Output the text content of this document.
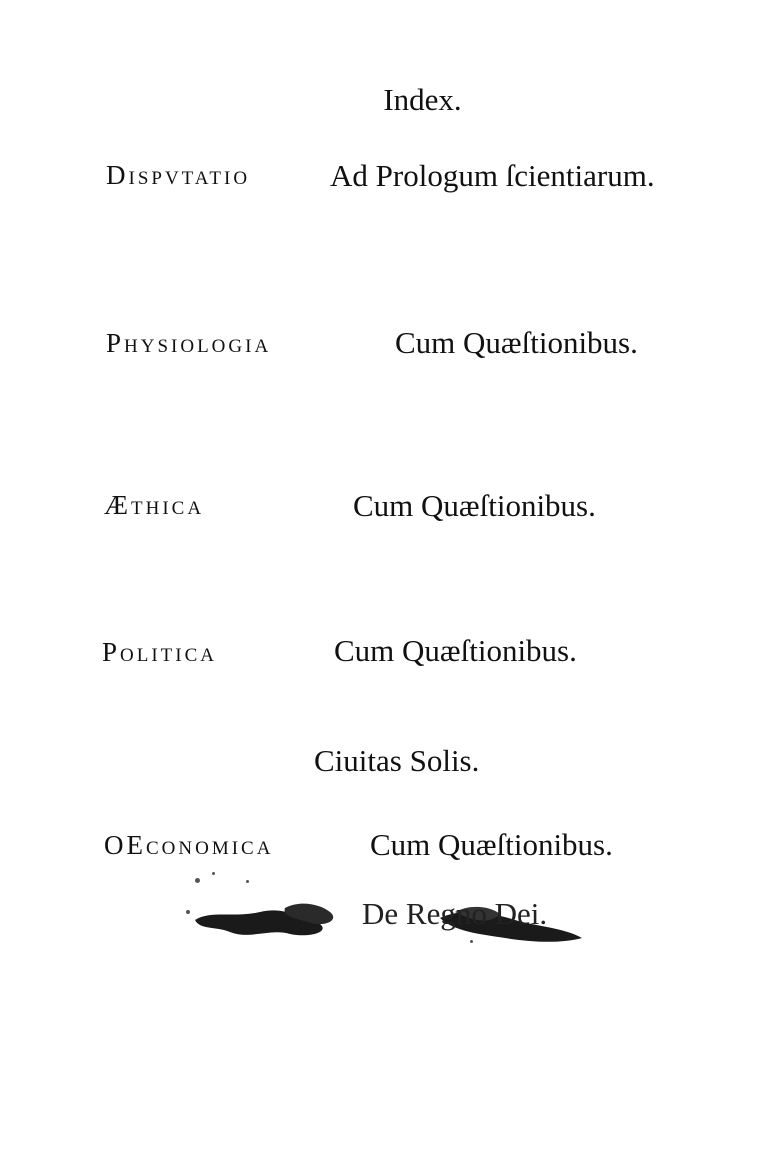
Index.
Dispvtatio	Ad Prologum ſcientiarum.
Physiologia	Cum Quæſtionibus.
Æthica	Cum Quæſtionibus.
Politica	Cum Quæſtionibus.
Ciuitas Solis.
OEconomica	Cum Quæſtionibus.
De Regno Dei.
